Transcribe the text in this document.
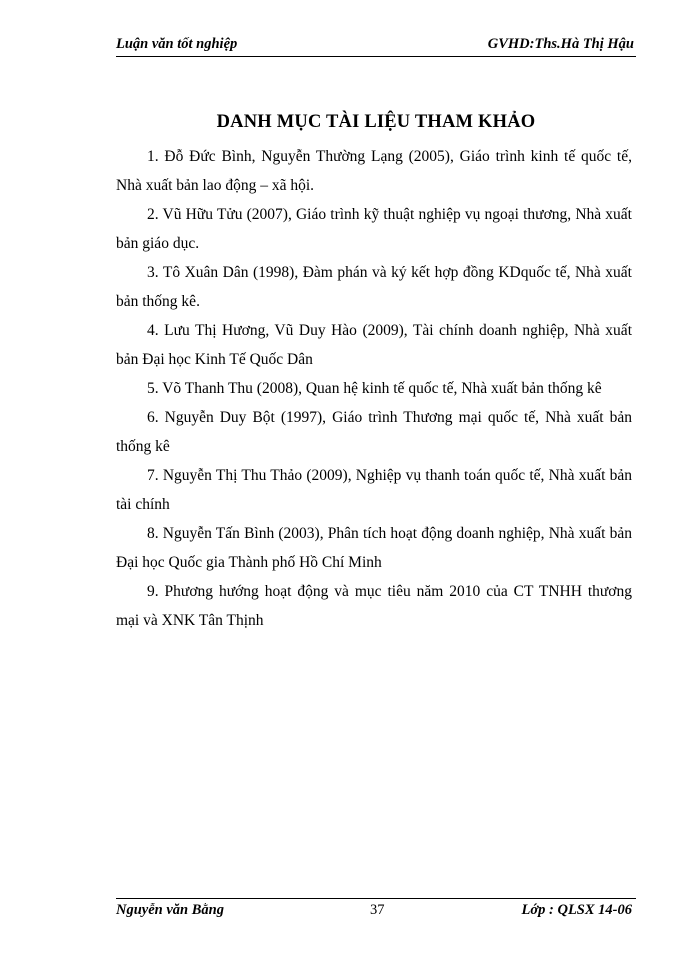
Luận văn tốt nghiệp	GVHD:Ths.Hà Thị Hậu
DANH MỤC TÀI LIỆU THAM KHẢO
1. Đỗ Đức Bình, Nguyễn Thường Lạng (2005), Giáo trình kinh tế quốc tế, Nhà xuất bản lao động – xã hội.
2. Vũ Hữu Tửu (2007), Giáo trình kỹ thuật nghiệp vụ ngoại thương, Nhà xuất bản giáo dục.
3. Tô Xuân Dân (1998), Đàm phán và ký kết hợp đồng KDquốc tế, Nhà xuất bản thống kê.
4. Lưu Thị Hương, Vũ Duy Hào (2009), Tài chính doanh nghiệp, Nhà xuất bản Đại học Kinh Tế Quốc Dân
5. Võ Thanh Thu (2008), Quan hệ kinh tế quốc tế, Nhà xuất bản thống kê
6. Nguyễn Duy Bột (1997), Giáo trình Thương mại quốc tế, Nhà xuất bản thống kê
7. Nguyễn Thị Thu Thảo (2009), Nghiệp vụ thanh toán quốc tế, Nhà xuất bản tài chính
8. Nguyễn Tấn Bình (2003), Phân tích hoạt động doanh nghiệp, Nhà xuất bản Đại học Quốc gia Thành phố Hồ Chí Minh
9. Phương hướng hoạt động và mục tiêu năm 2010 của CT TNHH thương mại và XNK Tân Thịnh
Nguyễn văn Bằng	37	Lớp : QLSX 14-06
